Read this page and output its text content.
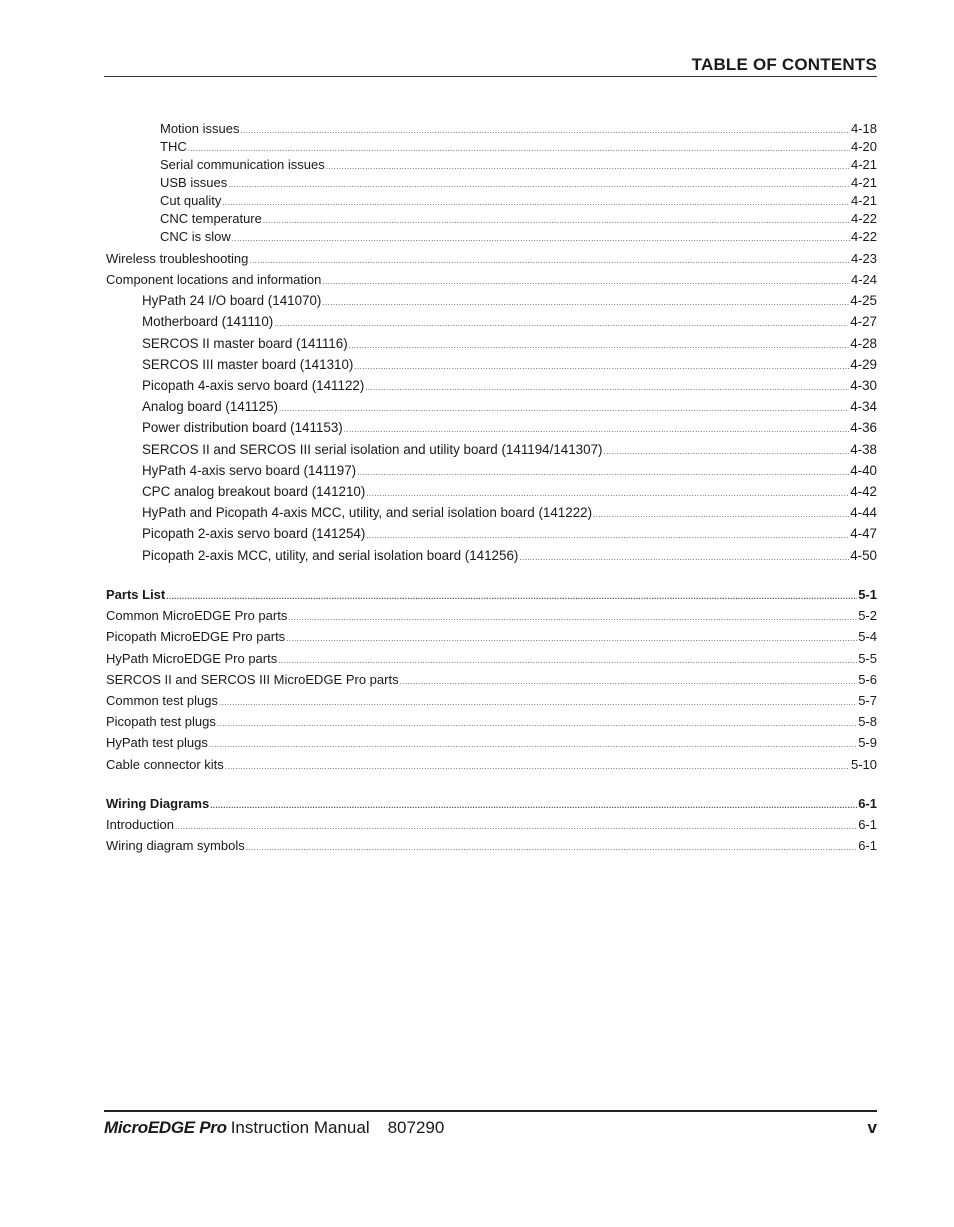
TABLE OF CONTENTS
Motion issues .....	4-18
THC .....	4-20
Serial communication issues .....	4-21
USB issues .....	4-21
Cut quality .....	4-21
CNC temperature .....	4-22
CNC is slow .....	4-22
Wireless troubleshooting .....	4-23
Component locations and information .....	4-24
HyPath 24 I/O board (141070) .....	4-25
Motherboard (141110) .....	4-27
SERCOS II master board (141116) .....	4-28
SERCOS III master board (141310) .....	4-29
Picopath 4-axis servo board (141122) .....	4-30
Analog board (141125) .....	4-34
Power distribution board (141153) .....	4-36
SERCOS II and SERCOS III serial isolation and utility board (141194/141307) .....	4-38
HyPath 4-axis servo board (141197) .....	4-40
CPC analog breakout board (141210) .....	4-42
HyPath and Picopath 4-axis MCC, utility, and serial isolation board (141222) .....	4-44
Picopath 2-axis servo board (141254) .....	4-47
Picopath 2-axis MCC, utility, and serial isolation board (141256) .....	4-50
Parts List .....	5-1
Common MicroEDGE Pro parts .....	5-2
Picopath MicroEDGE Pro parts .....	5-4
HyPath MicroEDGE Pro parts .....	5-5
SERCOS II and SERCOS III MicroEDGE Pro parts .....	5-6
Common test plugs .....	5-7
Picopath test plugs .....	5-8
HyPath test plugs .....	5-9
Cable connector kits .....	5-10
Wiring Diagrams .....	6-1
Introduction .....	6-1
Wiring diagram symbols .....	6-1
MicroEDGE Pro Instruction Manual 807290	v
